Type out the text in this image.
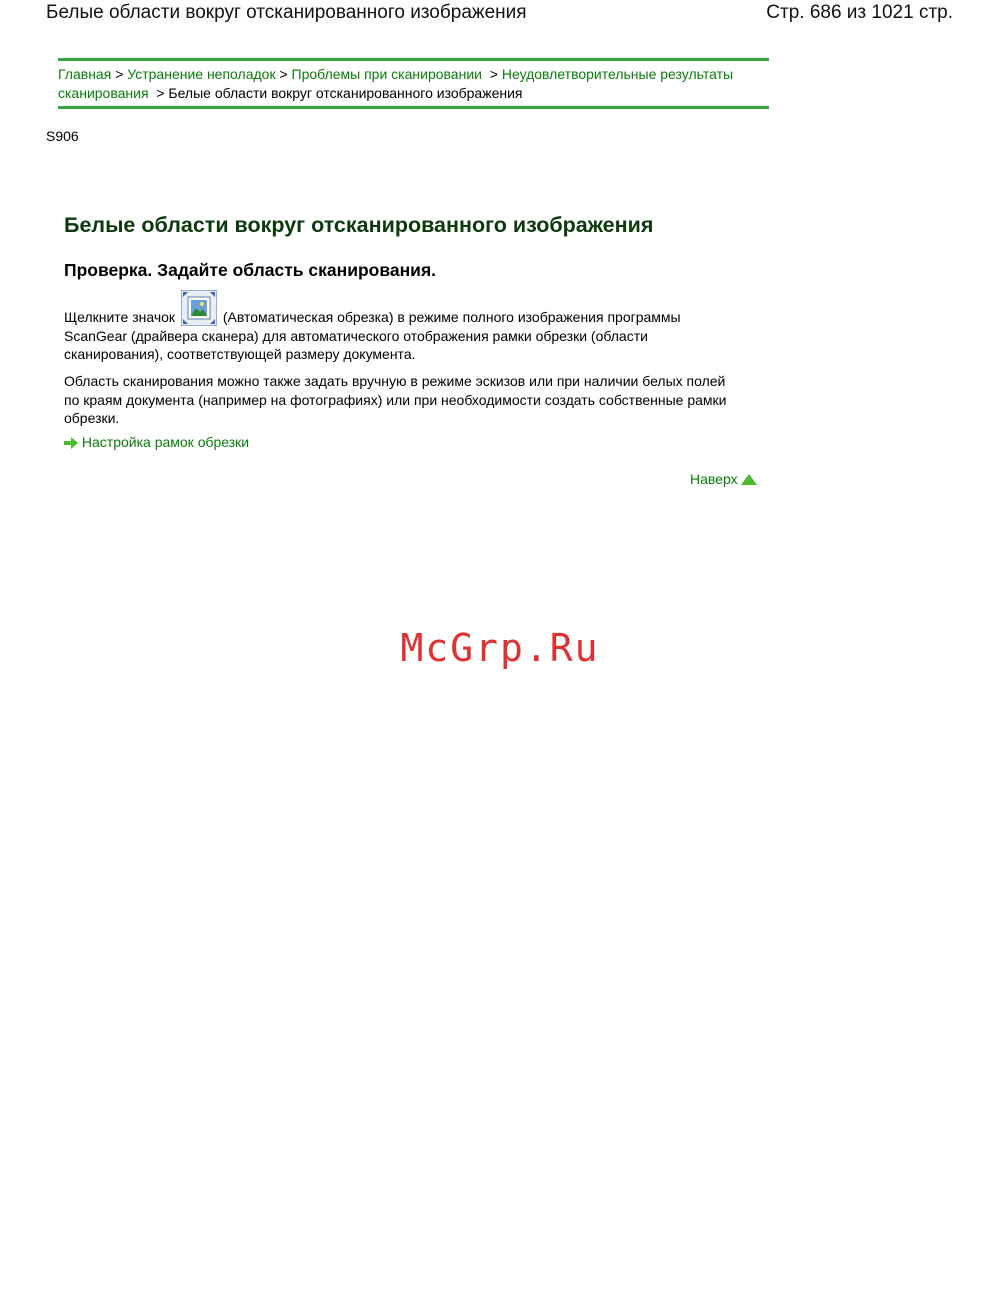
Белые области вокруг отсканированного изображения	Стр. 686 из 1021 стр.
Главная > Устранение неполадок > Проблемы при сканировании > Неудовлетворительные результаты сканирования > Белые области вокруг отсканированного изображения
S906
Белые области вокруг отсканированного изображения
Проверка. Задайте область сканирования.

Щелкните значок	(Автоматическая обрезка) в режиме полного изображения программы ScanGear (драйвера сканера) для автоматического отображения рамки обрезки (области сканирования), соответствующей размеру документа.

Область сканирования можно также задать вручную в режиме эскизов или при наличии белых полей по краям документа (например на фотографиях) или при необходимости создать собственные рамки обрезки.

Настройка рамок обрезки
Наверх
McGrp.Ru
